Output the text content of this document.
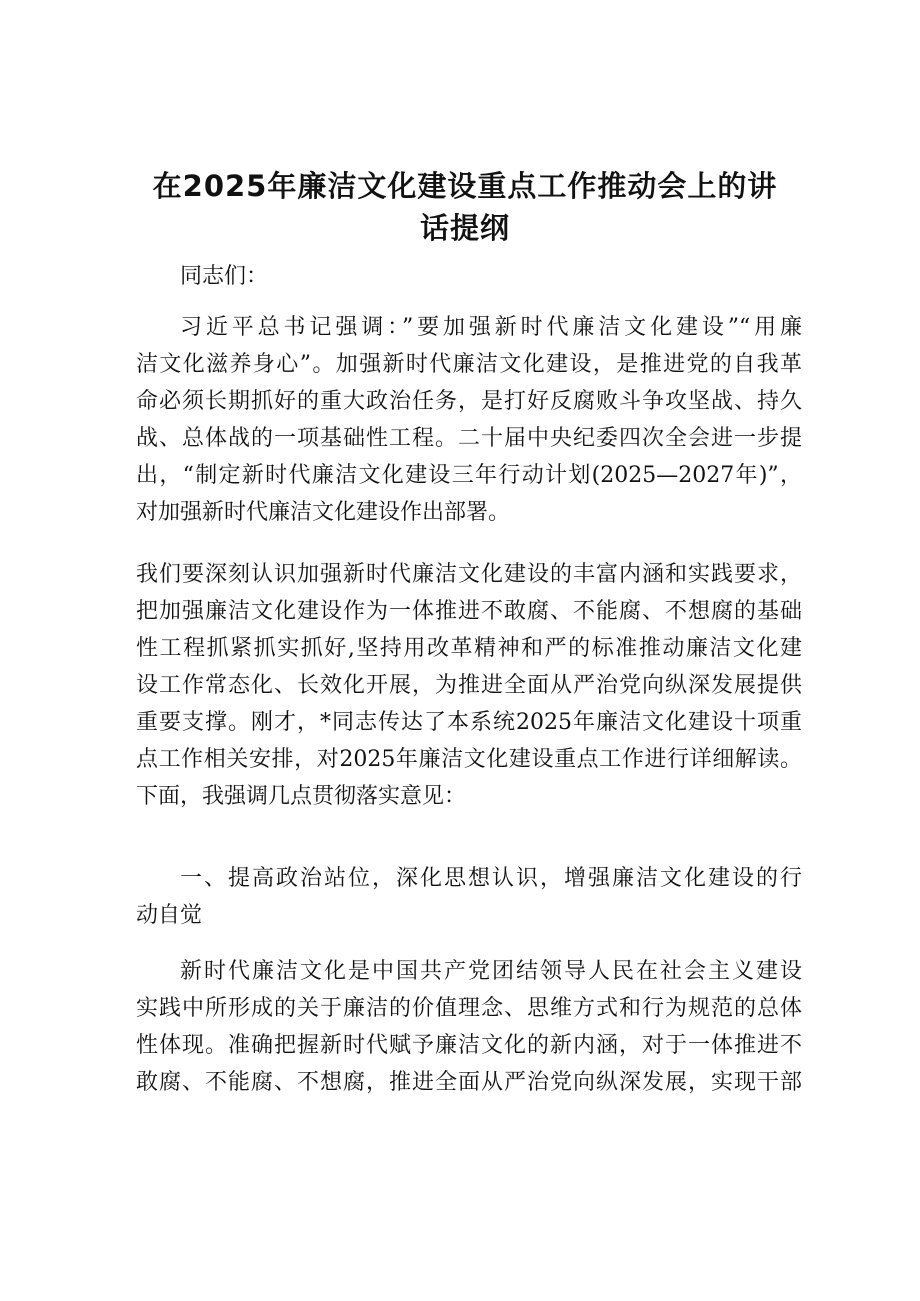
在2025年廉洁文化建设重点工作推动会上的讲
话提纲
同志们：
习近平总书记强调：”要加强新时代廉洁文化建设”“用廉
洁文化滋养身心”。加强新时代廉洁文化建设，是推进党的自我革
命必须长期抓好的重大政治任务，是打好反腐败斗争攻坚战、持久
战、总体战的一项基础性工程。二十届中央纪委四次全会进一步提
出，“制定新时代廉洁文化建设三年行动计划(2025—2027年)”，
对加强新时代廉洁文化建设作出部署。
我们要深刻认识加强新时代廉洁文化建设的丰富内涵和实践要求，
把加强廉洁文化建设作为一体推进不敢腐、不能腐、不想腐的基础
性工程抓紧抓实抓好,坚持用改革精神和严的标准推动廉洁文化建
设工作常态化、长效化开展，为推进全面从严治党向纵深发展提供
重要支撑。刚才，*同志传达了本系统2025年廉洁文化建设十项重
点工作相关安排，对2025年廉洁文化建设重点工作进行详细解读。
下面，我强调几点贯彻落实意见：
一、提高政治站位，深化思想认识，增强廉洁文化建设的行
动自觉
新时代廉洁文化是中国共产党团结领导人民在社会主义建设
实践中所形成的关于廉洁的价值理念、思维方式和行为规范的总体
性体现。准确把握新时代赋予廉洁文化的新内涵，对于一体推进不
敢腐、不能腐、不想腐，推进全面从严治党向纵深发展，实现干部
